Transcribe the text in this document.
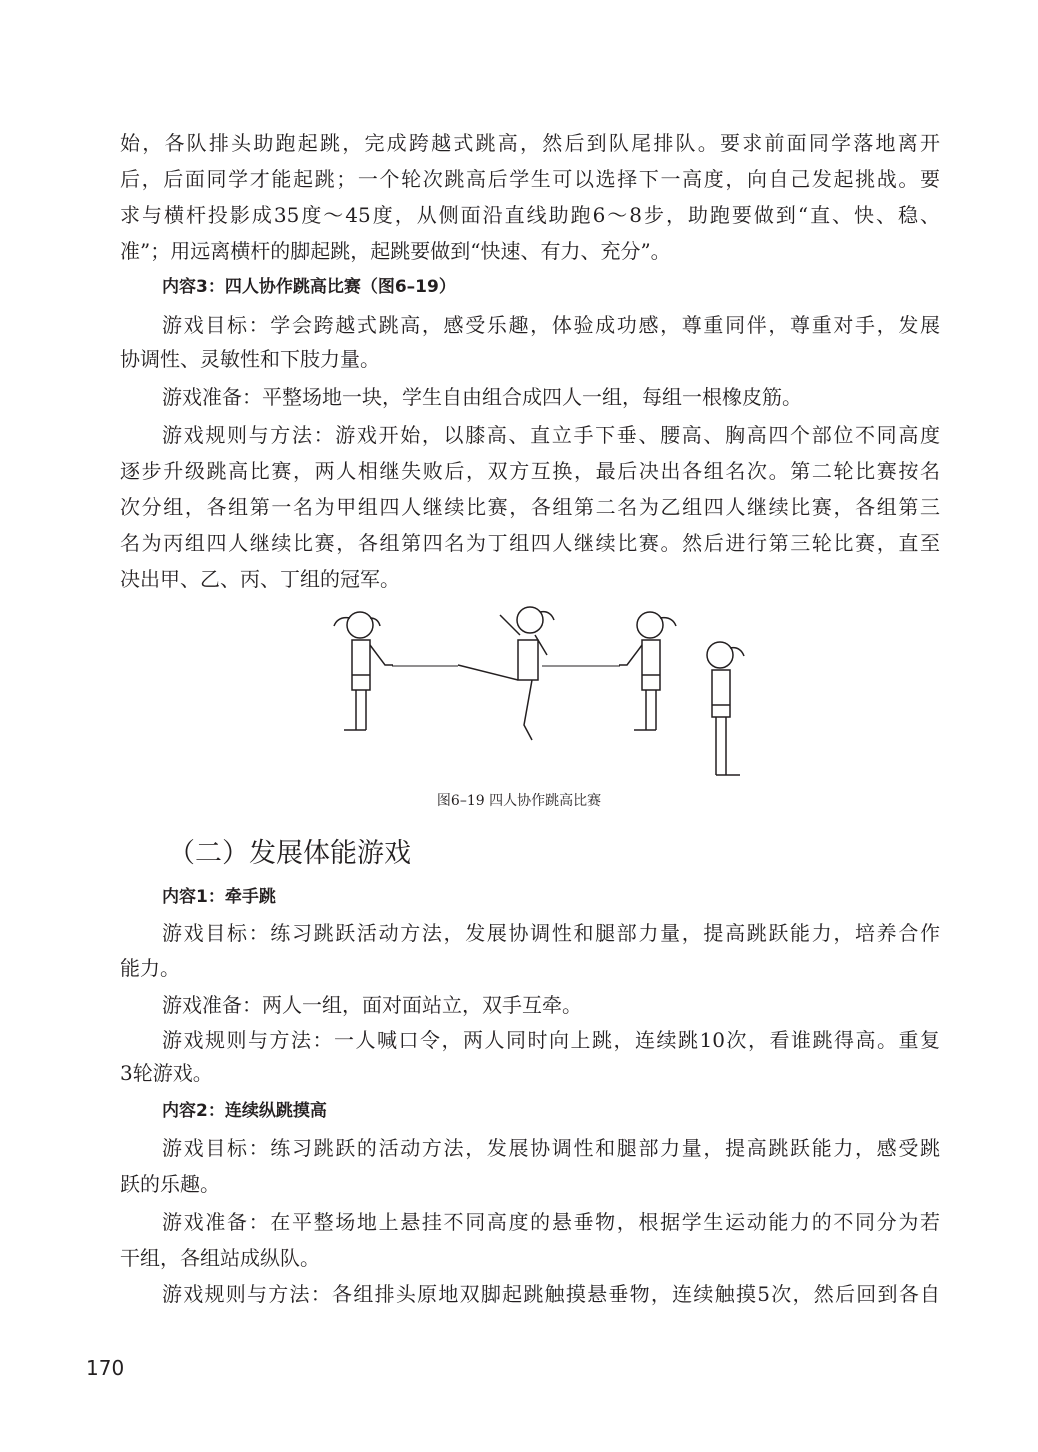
始，各队排头助跑起跳，完成跨越式跳高，然后到队尾排队。要求前面同学落地离开
后，后面同学才能起跳；一个轮次跳高后学生可以选择下一高度，向自己发起挑战。要
求与横杆投影成35度～45度，从侧面沿直线助跑6～8步，助跑要做到“直、快、稳、
准”；用远离横杆的脚起跳，起跳要做到“快速、有力、充分”。
内容3：四人协作跳高比赛（图6–19）
游戏目标：学会跨越式跳高，感受乐趣，体验成功感，尊重同伴，尊重对手，发展
协调性、灵敏性和下肢力量。
游戏准备：平整场地一块，学生自由组合成四人一组，每组一根橡皮筋。
游戏规则与方法：游戏开始，以膝高、直立手下垂、腰高、胸高四个部位不同高度
逐步升级跳高比赛，两人相继失败后，双方互换，最后决出各组名次。第二轮比赛按名
次分组，各组第一名为甲组四人继续比赛，各组第二名为乙组四人继续比赛，各组第三
名为丙组四人继续比赛，各组第四名为丁组四人继续比赛。然后进行第三轮比赛，直至
决出甲、乙、丙、丁组的冠军。
图6–19 四人协作跳高比赛
（二）发展体能游戏
内容1：牵手跳
游戏目标：练习跳跃活动方法，发展协调性和腿部力量，提高跳跃能力，培养合作
能力。
游戏准备：两人一组，面对面站立，双手互牵。
游戏规则与方法：一人喊口令，两人同时向上跳，连续跳10次，看谁跳得高。重复
3轮游戏。
内容2：连续纵跳摸高
游戏目标：练习跳跃的活动方法，发展协调性和腿部力量，提高跳跃能力，感受跳
跃的乐趣。
游戏准备：在平整场地上悬挂不同高度的悬垂物，根据学生运动能力的不同分为若
干组，各组站成纵队。
游戏规则与方法：各组排头原地双脚起跳触摸悬垂物，连续触摸5次，然后回到各自
170
